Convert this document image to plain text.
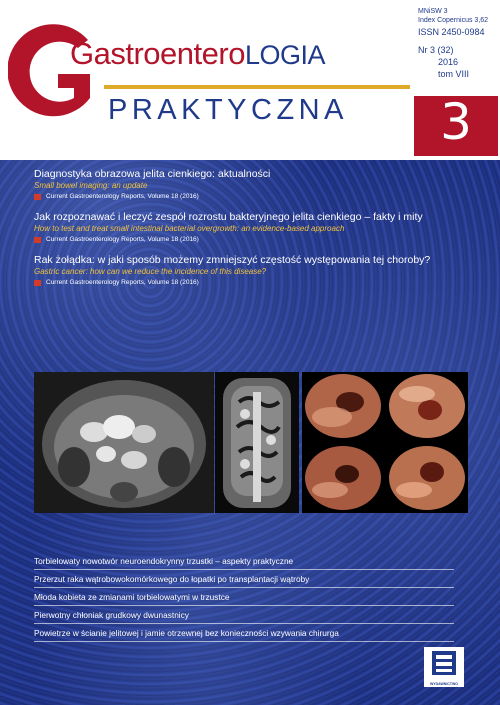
GastroenteroLOGIA
PRAKTYCZNA
MNiSW 3
Index Copernicus 3,62
ISSN 2450-0984
Nr 3 (32)
2016
tom VIII
3
Diagnostyka obrazowa jelita cienkiego: aktualności
Small bowel imaging: an update
Current Gastroenterology Reports, Volume 18 (2016)
Jak rozpoznawać i leczyć zespół rozrostu bakteryjnego jelita cienkiego – fakty i mity
How to test and treat small intestinal bacterial overgrowth: an evidence-based approach
Current Gastroenterology Reports, Volume 18 (2016)
Rak żołądka: w jaki sposób możemy zmniejszyć częstość występowania tej choroby?
Gastric cancer: how can we reduce the incidence of this disease?
Current Gastroenterology Reports, Volume 18 (2016)
Torbielowaty nowotwór neuroendokrynny trzustki – aspekty praktyczne
Przerzut raka wątrobowokomórkowego do łopatki po transplantacji wątroby
Młoda kobieta ze zmianami torbielowatymi w trzustce
Pierwotny chłoniak grudkowy dwunastnicy
Powietrze w ścianie jelitowej i jamie otrzewnej bez konieczności wzywania chirurga
WYDAWNICTWO
